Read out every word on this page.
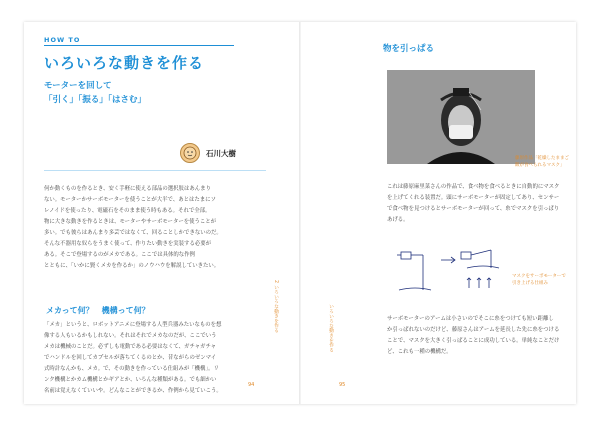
HOW TO
いろいろな動きを作る
モーターを回して
「引く」「振る」「はさむ」
石川大樹
何か動くものを作るとき、安く手軽に使える部品の選択肢はあんまり
ない。モーターかサーボモーターを使うことが大半で、あとはたまにソ
レノイドを使ったり、電磁石をそのまま使う時もある。それで全部。
物に大きな動きを作るときは、モーターやサーボモーターを使うことが
多い。でも彼らはあんまり多芸ではなくて、回ることしかできないのだ。
そんな不器用な奴らをうまく使って、作りたい動きを実装する必要が
ある。そこで登場するのがメカである。ここでは具体的な作例
とともに、「いかに賢くメカを作るか」のノウハウを解説していきたい。
2 いろいろな動きを作る
メカって何？　機構って何？
「メカ」というと、ロボットアニメに登場する人型兵器みたいなものを想
像する人もいるかもしれない。それはそれでメカなのだが、ここでいう
メカは機械のことだ。必ずしも電動である必要はなくて、ガチャガチャ
でハンドルを回してカプセルが落ちてくるのとか、昔ながらのゼンマイ
式時計なんかも、メカ。で、その動きを作っている仕組みが「機構」。リ
ンク機構とかカム機構とかギアとか、いろんな種類がある。でも細かい
名前は覚えなくていいや。どんなことができるか、作例から見ていこう。
94
物を引っぱる
藤原作品「乾燥したままご飯が食べられるマスク」
これは藤原麻里菜さんの作品で、食べ物を食べるときに自動的にマスク
を上げてくれる装置だ。頭にサーボモーターが固定してあり、センサー
で食べ物を見つけるとサーボモーターが回って、糸でマスクを引っぱり
あげる。
マスクをサーボモーターで引き上げる仕組み
いろいろな動きを作る	サーボモーターのアームは小さいのでそこに糸をつけても短い距離し
か引っぱれないのだけど、藤原さんはアームを延長した先に糸をつける
ことで、マスクを大きく引っぱることに成功している。単純なことだけ
ど、これも一種の機構だ。
95
